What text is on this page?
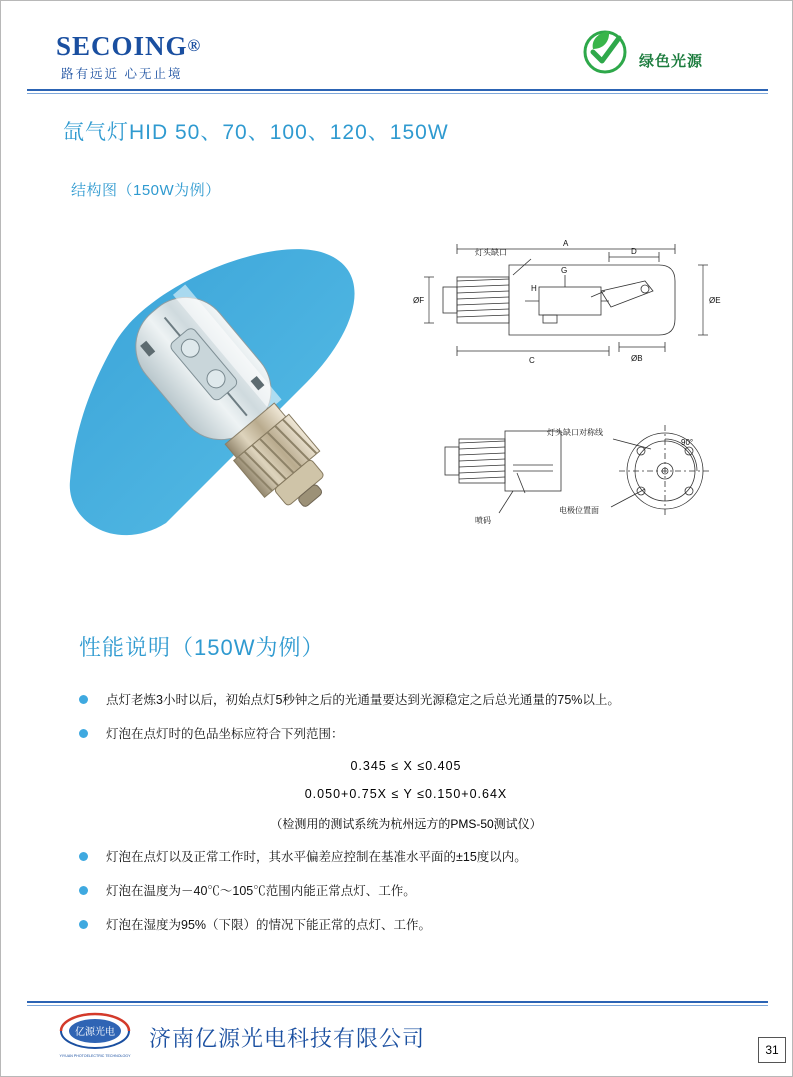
SECOING®
路有远近 心无止境
绿色光源
氙气灯HID 50、70、100、120、150W
结构图（150W为例）
A
C
D
ØE
ØF
ØB
G
H
灯头缺口
灯头缺口对称线
90°
电极位置面
喷码
性能说明（150W为例）
点灯老炼3小时以后，初始点灯5秒钟之后的光通量要达到光源稳定之后总光通量的75%以上。
灯泡在点灯时的色品坐标应符合下列范围：
0.345 ≤ X ≤0.405
0.050+0.75X ≤ Y ≤0.150+0.64X
（检测用的测试系统为杭州远方的PMS-50测试仪）
灯泡在点灯以及正常工作时，其水平偏差应控制在基准水平面的±15度以内。
灯泡在温度为－40℃～105℃范围内能正常点灯、工作。
灯泡在湿度为95%（下限）的情况下能正常的点灯、工作。
亿源光电
YIYUAN PHOTOELECTRIC TECHNOLOGY
济南亿源光电科技有限公司	31
